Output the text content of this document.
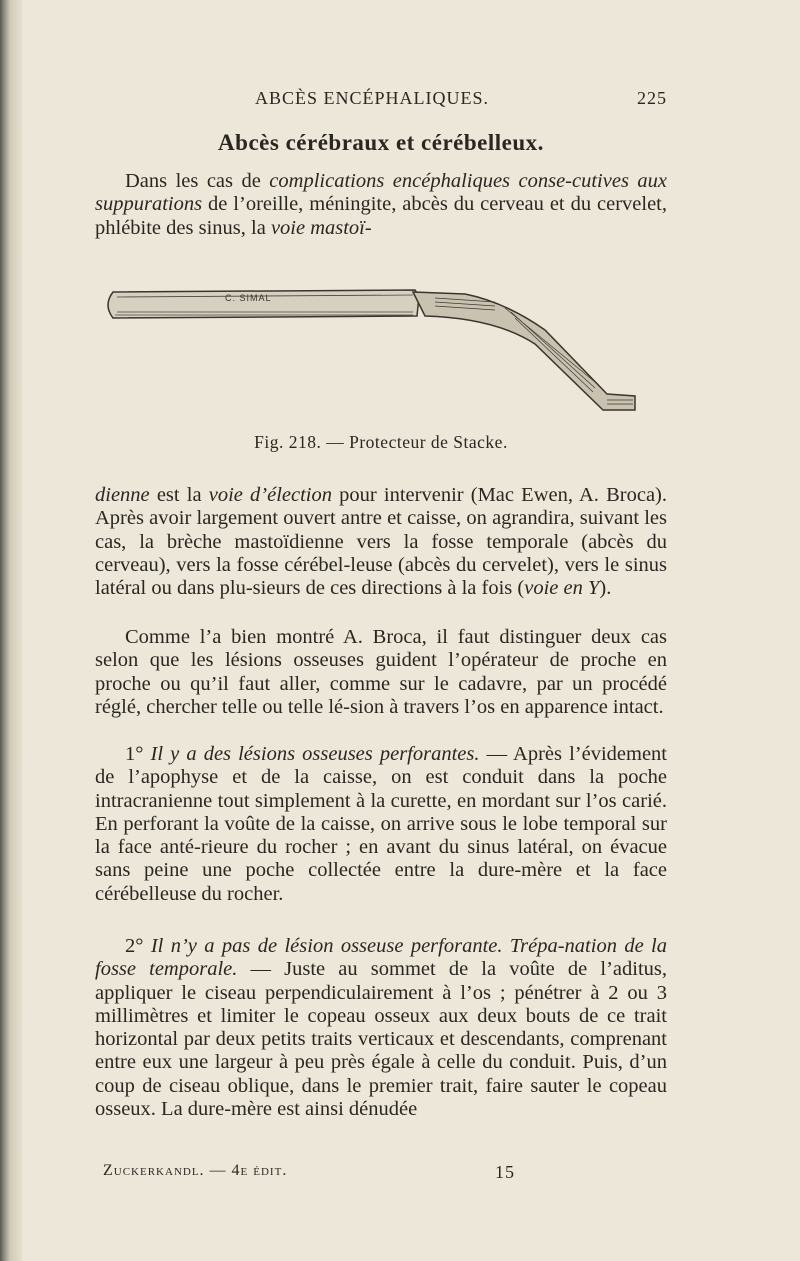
ABCÈS ENCÉPHALIQUES.	225
Abcès cérébraux et cérébelleux.

Dans les cas de complications encéphaliques conse-cutives aux suppurations de l’oreille, méningite, abcès du cerveau et du cervelet, phlébite des sinus, la voie mastoï-

C. SIMAL
Fig. 218. — Protecteur de Stacke.

dienne est la voie d’élection pour intervenir (Mac Ewen, A. Broca). Après avoir largement ouvert antre et caisse, on agrandira, suivant les cas, la brèche mastoïdienne vers la fosse temporale (abcès du cerveau), vers la fosse cérébel-leuse (abcès du cervelet), vers le sinus latéral ou dans plu-sieurs de ces directions à la fois (voie en Y).

Comme l’a bien montré A. Broca, il faut distinguer deux cas selon que les lésions osseuses guident l’opérateur de proche en proche ou qu’il faut aller, comme sur le cadavre, par un procédé réglé, chercher telle ou telle lé-sion à travers l’os en apparence intact.

1° Il y a des lésions osseuses perforantes. — Après l’évidement de l’apophyse et de la caisse, on est conduit dans la poche intracranienne tout simplement à la curette, en mordant sur l’os carié. En perforant la voûte de la caisse, on arrive sous le lobe temporal sur la face anté-rieure du rocher ; en avant du sinus latéral, on évacue sans peine une poche collectée entre la dure-mère et la face cérébelleuse du rocher.

2° Il n’y a pas de lésion osseuse perforante. Trépa-nation de la fosse temporale. — Juste au sommet de la voûte de l’aditus, appliquer le ciseau perpendiculairement à l’os ; pénétrer à 2 ou 3 millimètres et limiter le copeau osseux aux deux bouts de ce trait horizontal par deux petits traits verticaux et descendants, comprenant entre eux une largeur à peu près égale à celle du conduit. Puis, d’un coup de ciseau oblique, dans le premier trait, faire sauter le copeau osseux. La dure-mère est ainsi dénudée

Zuckerkandl. — 4e édit.	15
